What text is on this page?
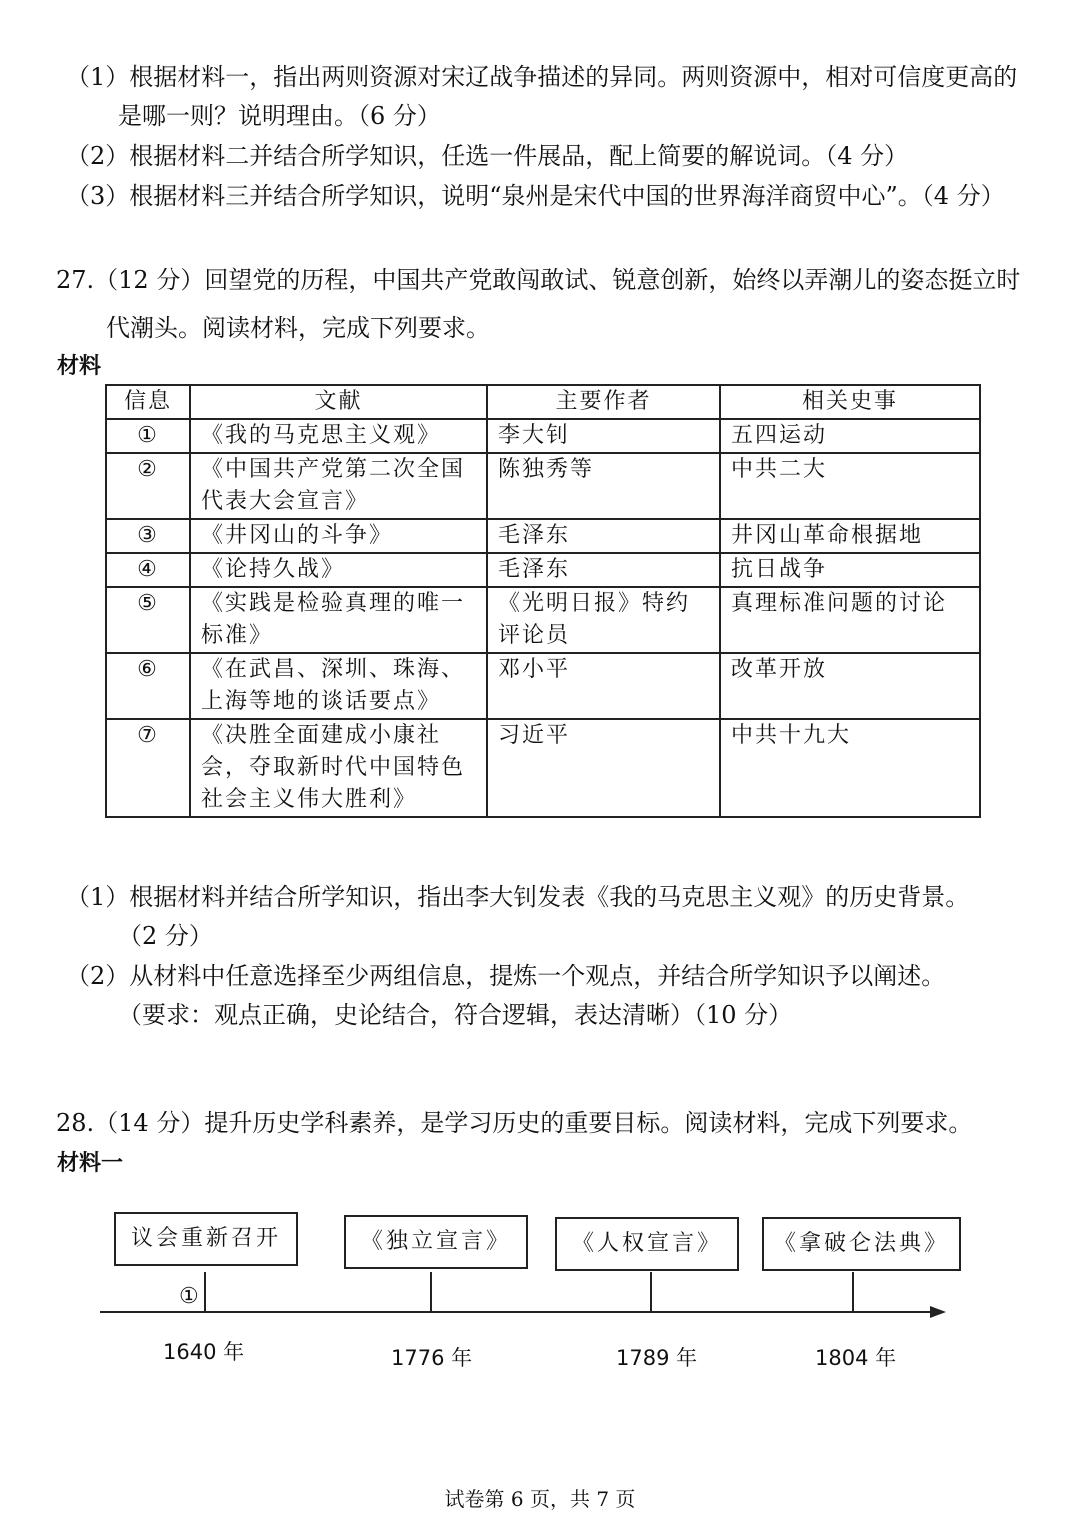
（1）根据材料一，指出两则资源对宋辽战争描述的异同。两则资源中，相对可信度更高的
是哪一则？说明理由。（6 分）
（2）根据材料二并结合所学知识，任选一件展品，配上简要的解说词。（4 分）
（3）根据材料三并结合所学知识，说明“泉州是宋代中国的世界海洋商贸中心”。（4 分）
27.（12 分）回望党的历程，中国共产党敢闯敢试、锐意创新，始终以弄潮儿的姿态挺立时
代潮头。阅读材料，完成下列要求。
材料
信息	文献	主要作者	相关史事
①	《我的马克思主义观》	李大钊	五四运动
②	《中国共产党第二次全国代表大会宣言》	陈独秀等	中共二大
③	《井冈山的斗争》	毛泽东	井冈山革命根据地
④	《论持久战》	毛泽东	抗日战争
⑤	《实践是检验真理的唯一标准》	《光明日报》特约评论员	真理标准问题的讨论
⑥	《在武昌、深圳、珠海、上海等地的谈话要点》	邓小平	改革开放
⑦	《决胜全面建成小康社会，夺取新时代中国特色社会主义伟大胜利》	习近平	中共十九大
（1）根据材料并结合所学知识，指出李大钊发表《我的马克思主义观》的历史背景。
（2 分）
（2）从材料中任意选择至少两组信息，提炼一个观点，并结合所学知识予以阐述。
（要求：观点正确，史论结合，符合逻辑，表达清晰）（10 分）
28.（14 分）提升历史学科素养，是学习历史的重要目标。阅读材料，完成下列要求。
材料一
议会重新召开	《独立宣言》	《人权宣言》	《拿破仑法典》
①
1640 年	1776 年	1789 年	1804 年
试卷第 6 页，共 7 页
